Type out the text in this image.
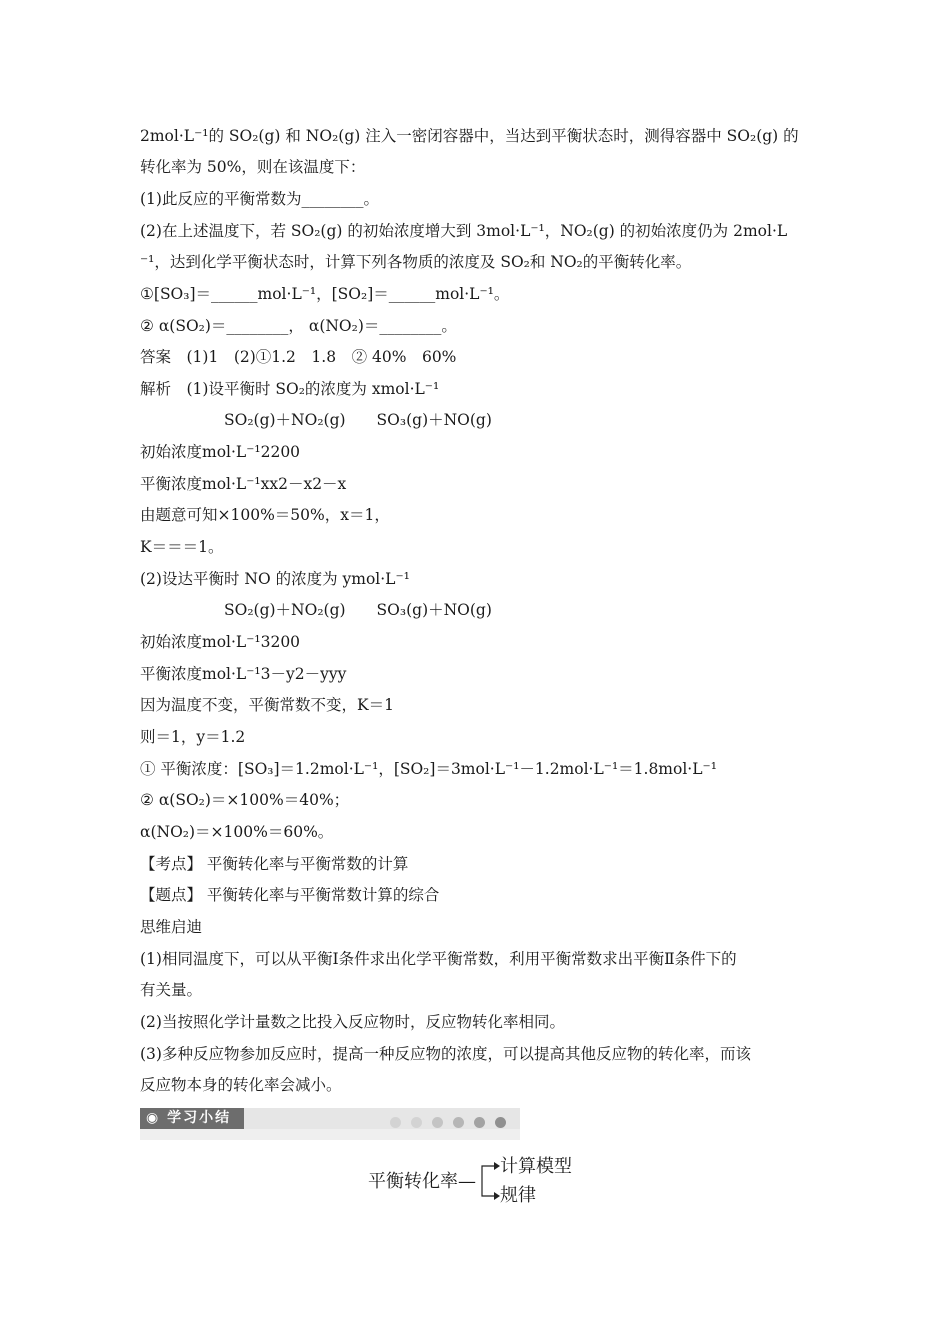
2mol·L⁻¹的 SO₂(g) 和 NO₂(g) 注入一密闭容器中，当达到平衡状态时，测得容器中 SO₂(g) 的
转化率为 50%，则在该温度下：
(1)此反应的平衡常数为________。
(2)在上述温度下，若 SO₂(g) 的初始浓度增大到 3mol·L⁻¹，NO₂(g) 的初始浓度仍为 2mol·L
⁻¹，达到化学平衡状态时，计算下列各物质的浓度及 SO₂和 NO₂的平衡转化率。
①[SO₃]＝______mol·L⁻¹，[SO₂]＝______mol·L⁻¹。
② α(SO₂)＝________， α(NO₂)＝________。
答案　(1)1　(2)①1.2　1.8　② 40%　60%
解析　(1)设平衡时 SO₂的浓度为 xmol·L⁻¹
SO₂(g)＋NO₂(g)　　SO₃(g)＋NO(g)
初始浓度mol·L⁻¹2200
平衡浓度mol·L⁻¹xx2－x2－x
由题意可知×100%＝50%，x＝1，
K＝＝＝1。
(2)设达平衡时 NO 的浓度为 ymol·L⁻¹
SO₂(g)＋NO₂(g)　　SO₃(g)＋NO(g)
初始浓度mol·L⁻¹3200
平衡浓度mol·L⁻¹3－y2－yyy
因为温度不变，平衡常数不变，K＝1
则＝1，y＝1.2
① 平衡浓度：[SO₃]＝1.2mol·L⁻¹，[SO₂]＝3mol·L⁻¹－1.2mol·L⁻¹＝1.8mol·L⁻¹
② α(SO₂)＝×100%＝40%；
α(NO₂)＝×100%＝60%。
【考点】 平衡转化率与平衡常数的计算
【题点】 平衡转化率与平衡常数计算的综合
思维启迪
(1)相同温度下，可以从平衡Ⅰ条件求出化学平衡常数，利用平衡常数求出平衡Ⅱ条件下的
有关量。
(2)当按照化学计量数之比投入反应物时，反应物转化率相同。
(3)多种反应物参加反应时，提高一种反应物的浓度，可以提高其他反应物的转化率，而该
反应物本身的转化率会减小。
◉ 学习小结
平衡转化率—
计算模型
规律
